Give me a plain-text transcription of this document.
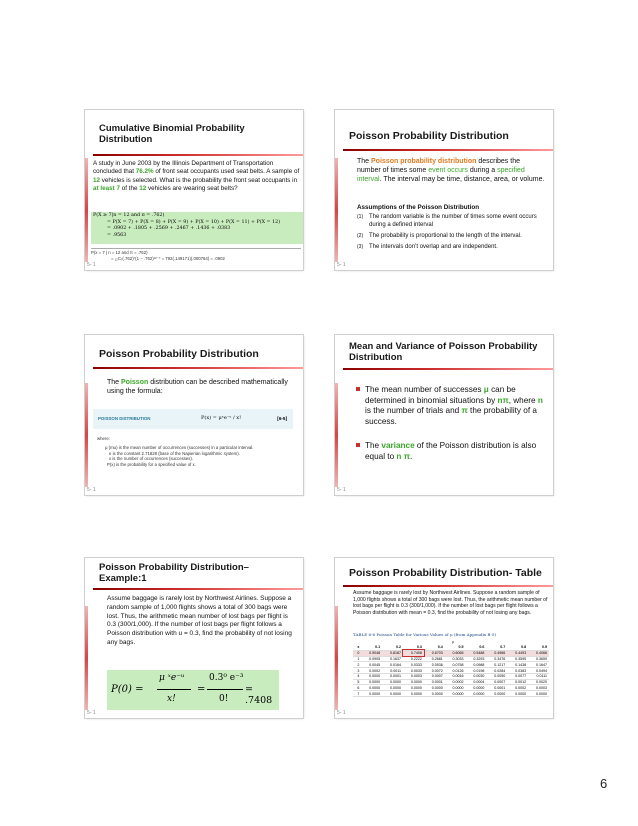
Cumulative Binomial Probability Distribution
A study in June 2003 by the Illinois Department of Transportation concluded that 76.2% of front seat occupants used seat belts. A sample of 12 vehicles is selected. What is the probability the front seat occupants in at least 7 of the 12 vehicles are wearing seat belts?
P(X ≥ 7|n = 12 and π = .762)
= P(X = 7) + P(X = 8) + P(X = 9) + P(X = 10) + P(X = 11) + P(X = 12)
= .0902 + .1805 + .2569 + .2467 + .1436 + .0383
= .9563
P(x = 7 | n = 12 and π = .762)
= ₁₂C₇(.762)⁷(1 − .762)¹²⁻⁷ = 792(.149171)(.000764) = .0902
5- 1
Poisson Probability Distribution
The Poisson probability distribution describes the number of times some event occurs during a specified interval. The interval may be time, distance, area, or volume.
Assumptions of the Poisson Distribution
(1) The random variable is the number of times some event occurs during a defined interval
(2) The probability is proportional to the length of the interval.
(3) The intervals don’t overlap and are independent.
5- 1
Poisson Probability Distribution
The Poisson distribution can be described mathematically using the formula:
POISSON DISTRIBUTION	P(x) = μˣe⁻ᵘ / x!	[6-5]
where:
μ (mu) is the mean number of occurrences (successes) in a particular interval.
e is the constant 2.71828 (base of the Napierian logarithmic system).
x is the number of occurrences (successes).
P(x) is the probability for a specified value of x.
5- 1
Mean and Variance of Poisson Probability Distribution
The mean number of successes μ can be determined in binomial situations by nπ, where n is the number of trials and π the probability of a success.
The variance of the Poisson distribution is also equal to n π.
5- 1
Poisson Probability Distribution– Example:1
Assume baggage is rarely lost by Northwest Airlines. Suppose a random sample of 1,000 flights shows a total of 300 bags were lost. Thus, the arithmetic mean number of lost bags per flight is 0.3 (300/1,000). If the number of lost bags per flight follows a Poisson distribution with u = 0.3, find the probability of not losing any bags.
P(0) =
μ ˣe⁻ᵘ
x!
=
0.3⁰ e⁻³
0!
= .7408
5- 1
Poisson Probability Distribution- Table
Assume baggage is rarely lost by Northwest Airlines. Suppose a random sample of 1,000 flights shows a total of 300 bags were lost. Thus, the arithmetic mean number of lost bags per flight is 0.3 (300/1,000). If the number of lost bags per flight follows a Poisson distribution with mean = 0.3, find the probability of not losing any bags.
TABLE 6-6 Poisson Table for Various Values of μ (from Appendix B-5)
μ
x	0.1	0.2	0.3	0.4	0.5	0.6	0.7	0.8	0.9
0	0.9048	0.8187	0.7408	0.6703	0.6065	0.5488	0.4966	0.4493	0.4066
1	0.0905	0.1637	0.2222	0.2681	0.3033	0.3293	0.3476	0.3595	0.3659
2	0.0045	0.0164	0.0333	0.0536	0.0758	0.0988	0.1217	0.1438	0.1647
3	0.0002	0.0011	0.0033	0.0072	0.0126	0.0198	0.0284	0.0383	0.0494
4	0.0000	0.0001	0.0003	0.0007	0.0016	0.0030	0.0050	0.0077	0.0111
5	0.0000	0.0000	0.0000	0.0001	0.0002	0.0004	0.0007	0.0012	0.0020
6	0.0000	0.0000	0.0000	0.0000	0.0000	0.0000	0.0001	0.0002	0.0003
7	0.0000	0.0000	0.0000	0.0000	0.0000	0.0000	0.0000	0.0000	0.0000
5- 1
6
